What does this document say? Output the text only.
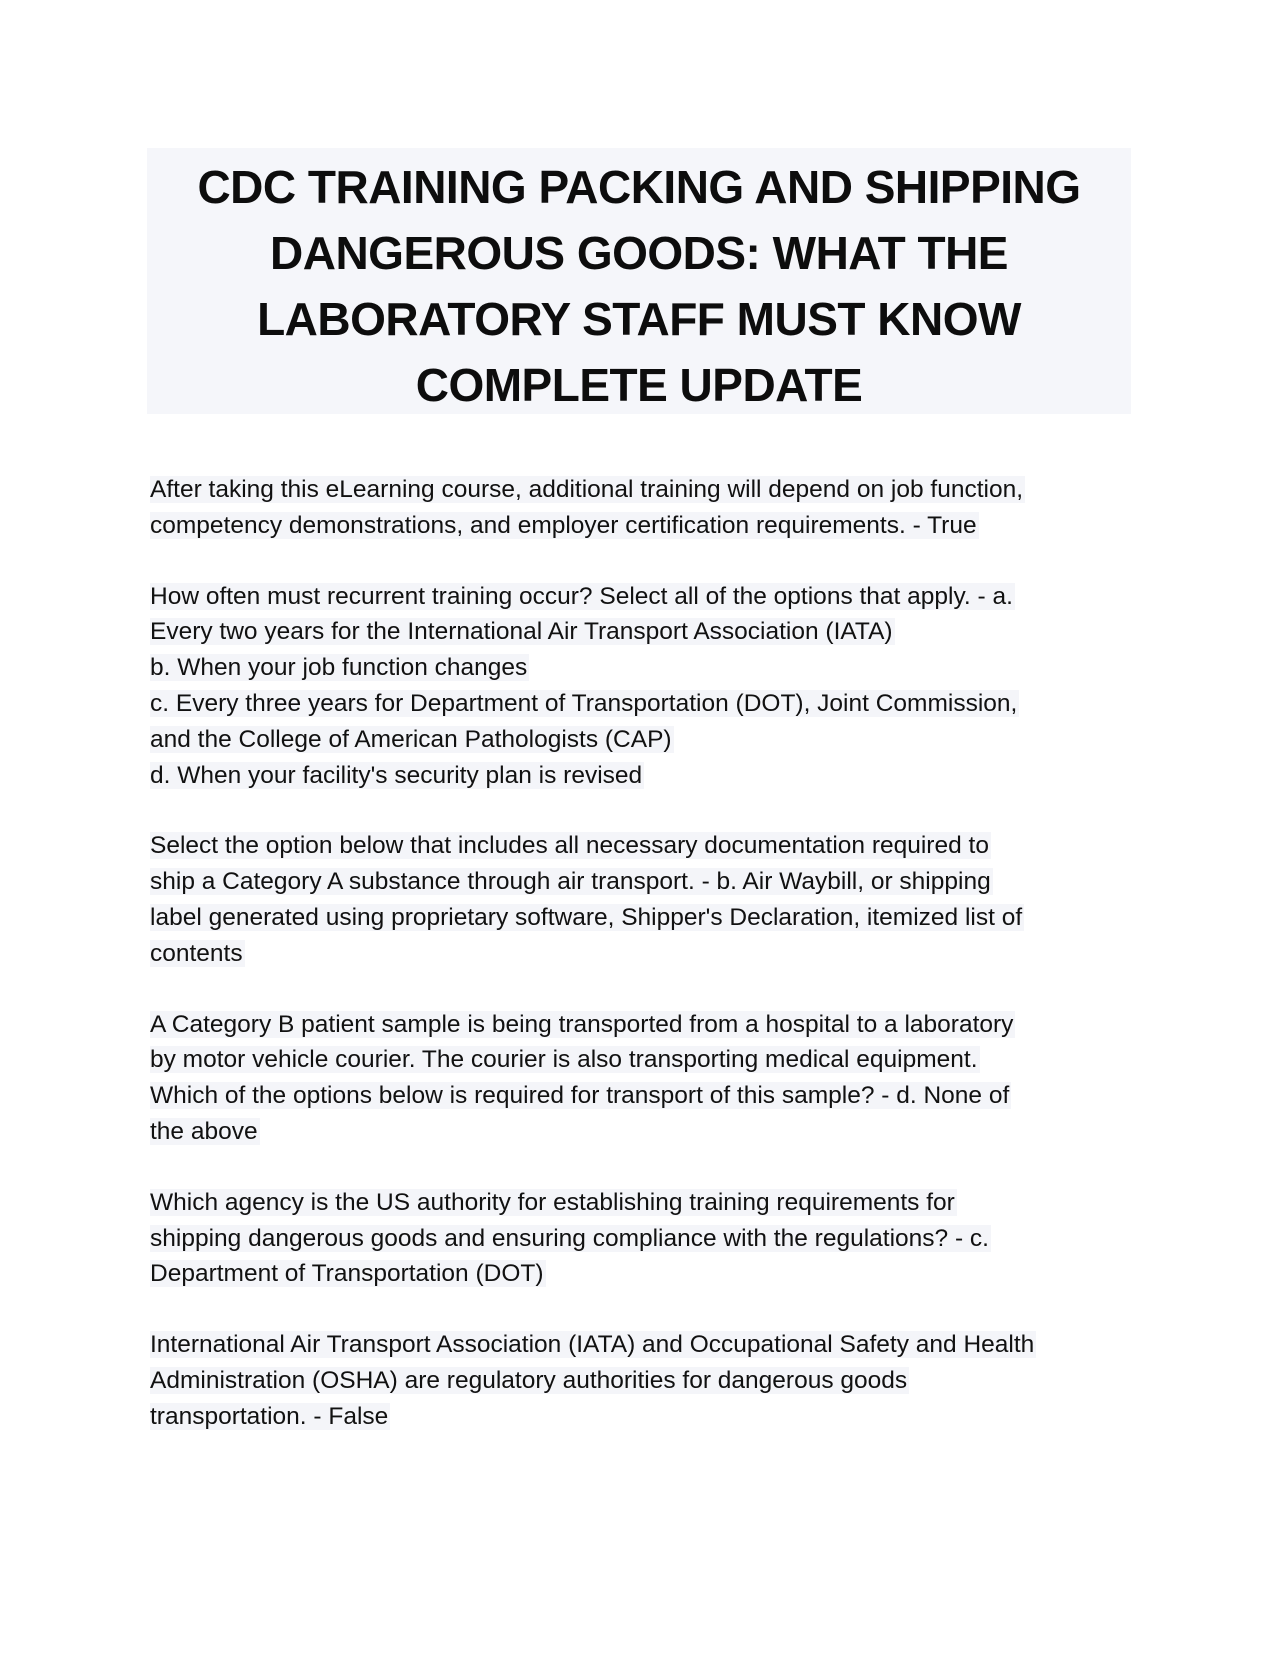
CDC TRAINING PACKING AND SHIPPING
DANGEROUS GOODS: WHAT THE
LABORATORY STAFF MUST KNOW
COMPLETE UPDATE
After taking this eLearning course, additional training will depend on job function,
competency demonstrations, and employer certification requirements. - True
How often must recurrent training occur? Select all of the options that apply. - a.
Every two years for the International Air Transport Association (IATA)
b. When your job function changes
c. Every three years for Department of Transportation (DOT), Joint Commission,
and the College of American Pathologists (CAP)
d. When your facility's security plan is revised
Select the option below that includes all necessary documentation required to
ship a Category A substance through air transport. - b. Air Waybill, or shipping
label generated using proprietary software, Shipper's Declaration, itemized list of
contents
A Category B patient sample is being transported from a hospital to a laboratory
by motor vehicle courier. The courier is also transporting medical equipment.
Which of the options below is required for transport of this sample? - d. None of
the above
Which agency is the US authority for establishing training requirements for
shipping dangerous goods and ensuring compliance with the regulations? - c.
Department of Transportation (DOT)
International Air Transport Association (IATA) and Occupational Safety and Health
Administration (OSHA) are regulatory authorities for dangerous goods
transportation. - False
